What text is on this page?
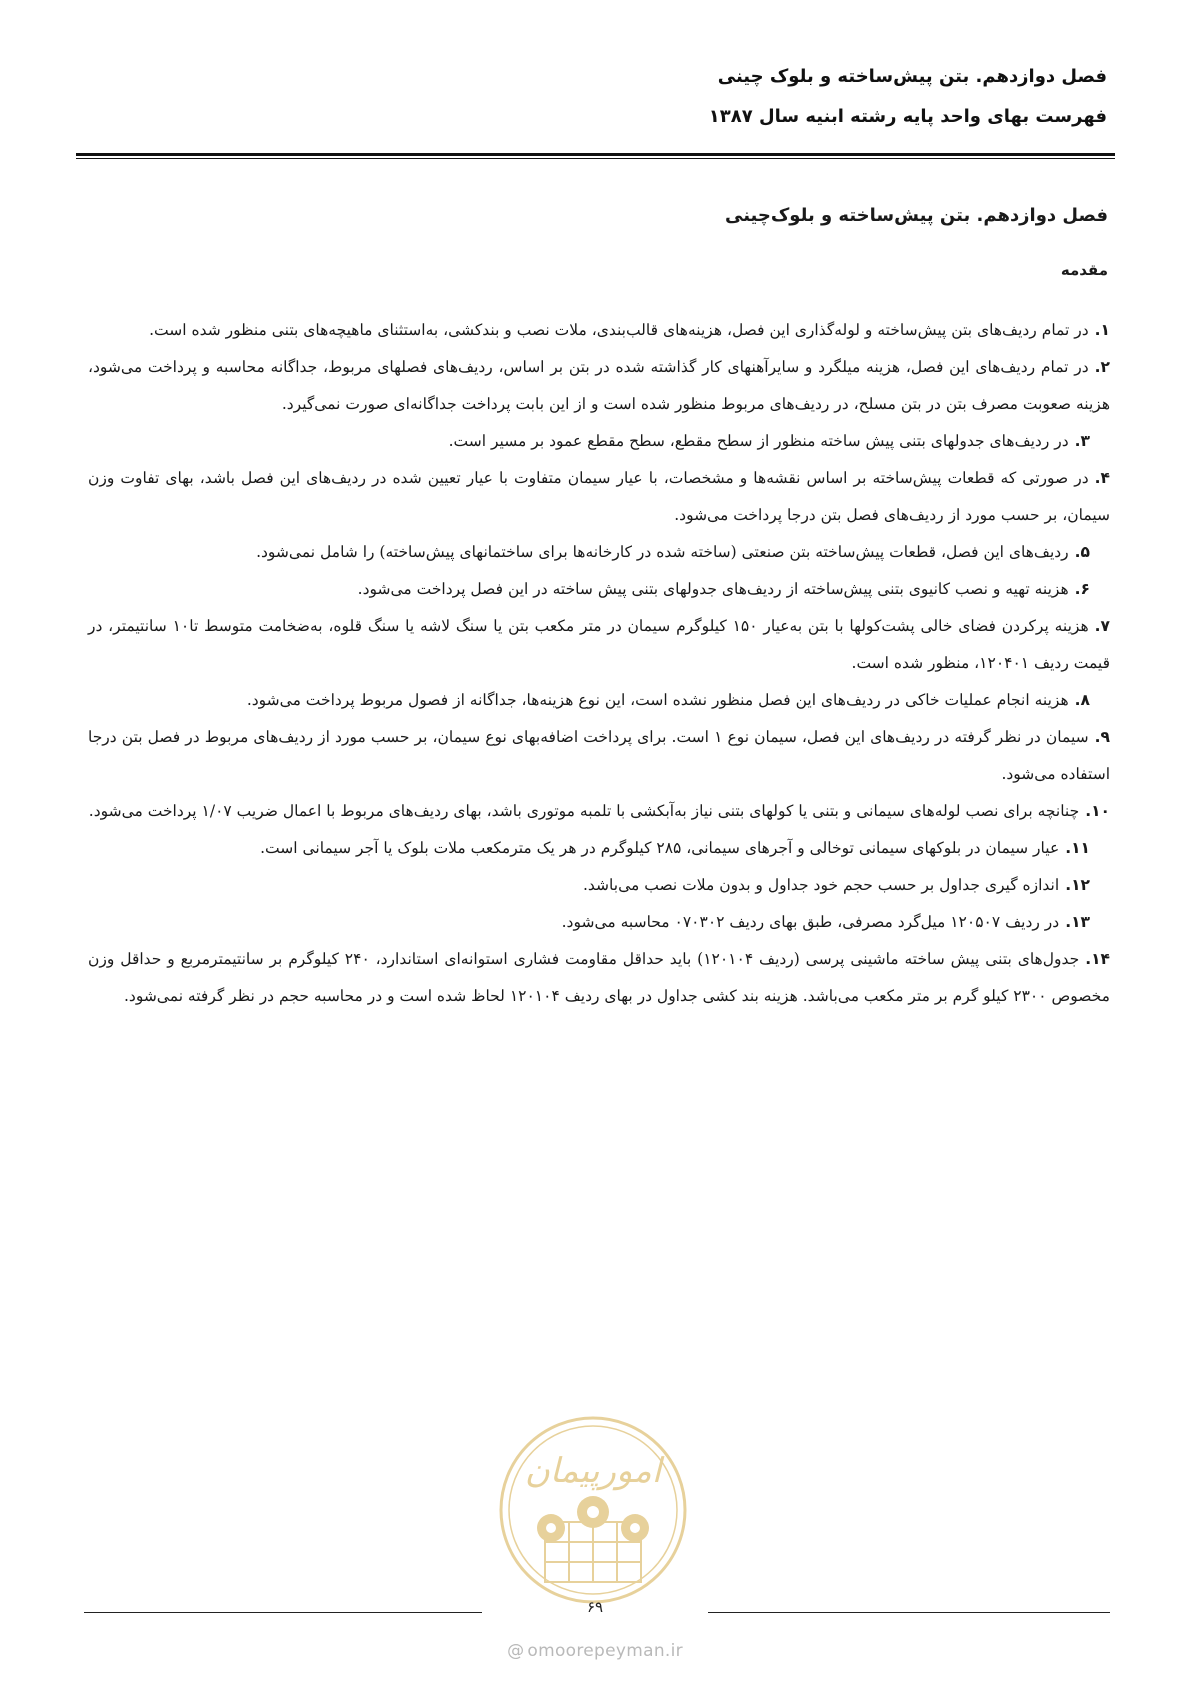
فصل دوازدهم. بتن پیش‌ساخته و بلوک چینی
فهرست بهای واحد پایه رشته ابنیه سال ۱۳۸۷
فصل دوازدهم. بتن پیش‌ساخته و بلوک‌چینی
مقدمه

۱.در تمام ردیف‌های بتن پیش‌ساخته و لوله‌گذاری این فصل، هزینه‌های قالب‌بندی، ملات نصب و بندکشی، به‌استثنای ماهیچه‌های بتنی منظور شده است.

۲.در تمام ردیف‌های این فصل، هزینه میلگرد و سایرآهنهای کار گذاشته شده در بتن بر اساس، ردیف‌های فصلهای مربوط، جداگانه محاسبه و پرداخت می‌شود، هزینه صعوبت مصرف بتن در بتن مسلح، در ردیف‌های مربوط منظور شده است و از این بابت پرداخت جداگانه‌ای صورت نمی‌گیرد.

۳.در ردیف‌های جدولهای بتنی پیش ساخته منظور از سطح مقطع، سطح مقطع عمود بر مسیر است.

۴.در صورتی که قطعات پیش‌ساخته بر اساس نقشه‌ها و مشخصات، با عیار سیمان متفاوت با عیار تعیین شده در ردیف‌های این فصل باشد، بهای تفاوت وزن سیمان، بر حسب مورد از ردیف‌های فصل بتن درجا پرداخت می‌شود.

۵.ردیف‌های این فصل، قطعات پیش‌ساخته بتن صنعتی (ساخته شده در کارخانه‌ها برای ساختمانهای پیش‌ساخته) را شامل نمی‌شود.

۶.هزینه تهیه و نصب کانیوی بتنی پیش‌ساخته از ردیف‌های جدولهای بتنی پیش ساخته در این فصل پرداخت می‌شود.

۷.هزینه پرکردن فضای خالی پشت‌کولها با بتن به‌عیار ۱۵۰ کیلوگرم سیمان در متر مکعب بتن یا سنگ لاشه یا سنگ قلوه، به‌ضخامت متوسط تا۱۰ سانتیمتر، در قیمت ردیف ۱۲۰۴۰۱، منظور شده است.

۸.هزینه انجام عملیات خاکی در ردیف‌های این فصل منظور نشده است، این نوع هزینه‌ها، جداگانه از فصول مربوط پرداخت می‌شود.

۹.سیمان در نظر گرفته در ردیف‌های این فصل، سیمان نوع ۱ است. برای پرداخت اضافه‌بهای نوع سیمان، بر حسب مورد از ردیف‌های مربوط در فصل بتن درجا استفاده می‌شود.

۱۰.چنانچه برای نصب لوله‌های سیمانی و بتنی یا کولهای بتنی نیاز به‌آبکشی با تلمبه موتوری باشد، بهای ردیف‌های مربوط با اعمال ضریب ۱/۰۷ پرداخت می‌شود.

۱۱.عیار سیمان در بلوکهای سیمانی توخالی و آجرهای سیمانی، ۲۸۵ کیلوگرم در هر یک مترمکعب ملات بلوک یا آجر سیمانی است.

۱۲.اندازه گیری جداول بر حسب حجم خود جداول و بدون ملات نصب می‌باشد.

۱۳.در ردیف ۱۲۰۵۰۷ میل‌گرد مصرفی، طبق بهای ردیف ۰۷۰۳۰۲ محاسبه می‌شود.

۱۴.جدول‌های بتنی پیش ساخته ماشینی پرسی (ردیف ۱۲۰۱۰۴) باید حداقل مقاومت فشاری استوانه‌ای استاندارد، ۲۴۰ کیلوگرم بر سانتیمترمربع و حداقل وزن مخصوص ۲۳۰۰ کیلو گرم بر متر مکعب می‌باشد. هزینه بند کشی جداول در بهای ردیف ۱۲۰۱۰۴ لحاظ شده است و در محاسبه حجم در نظر گرفته نمی‌شود.

امورپیمان
۶۹
@ omoorepeyman.ir
